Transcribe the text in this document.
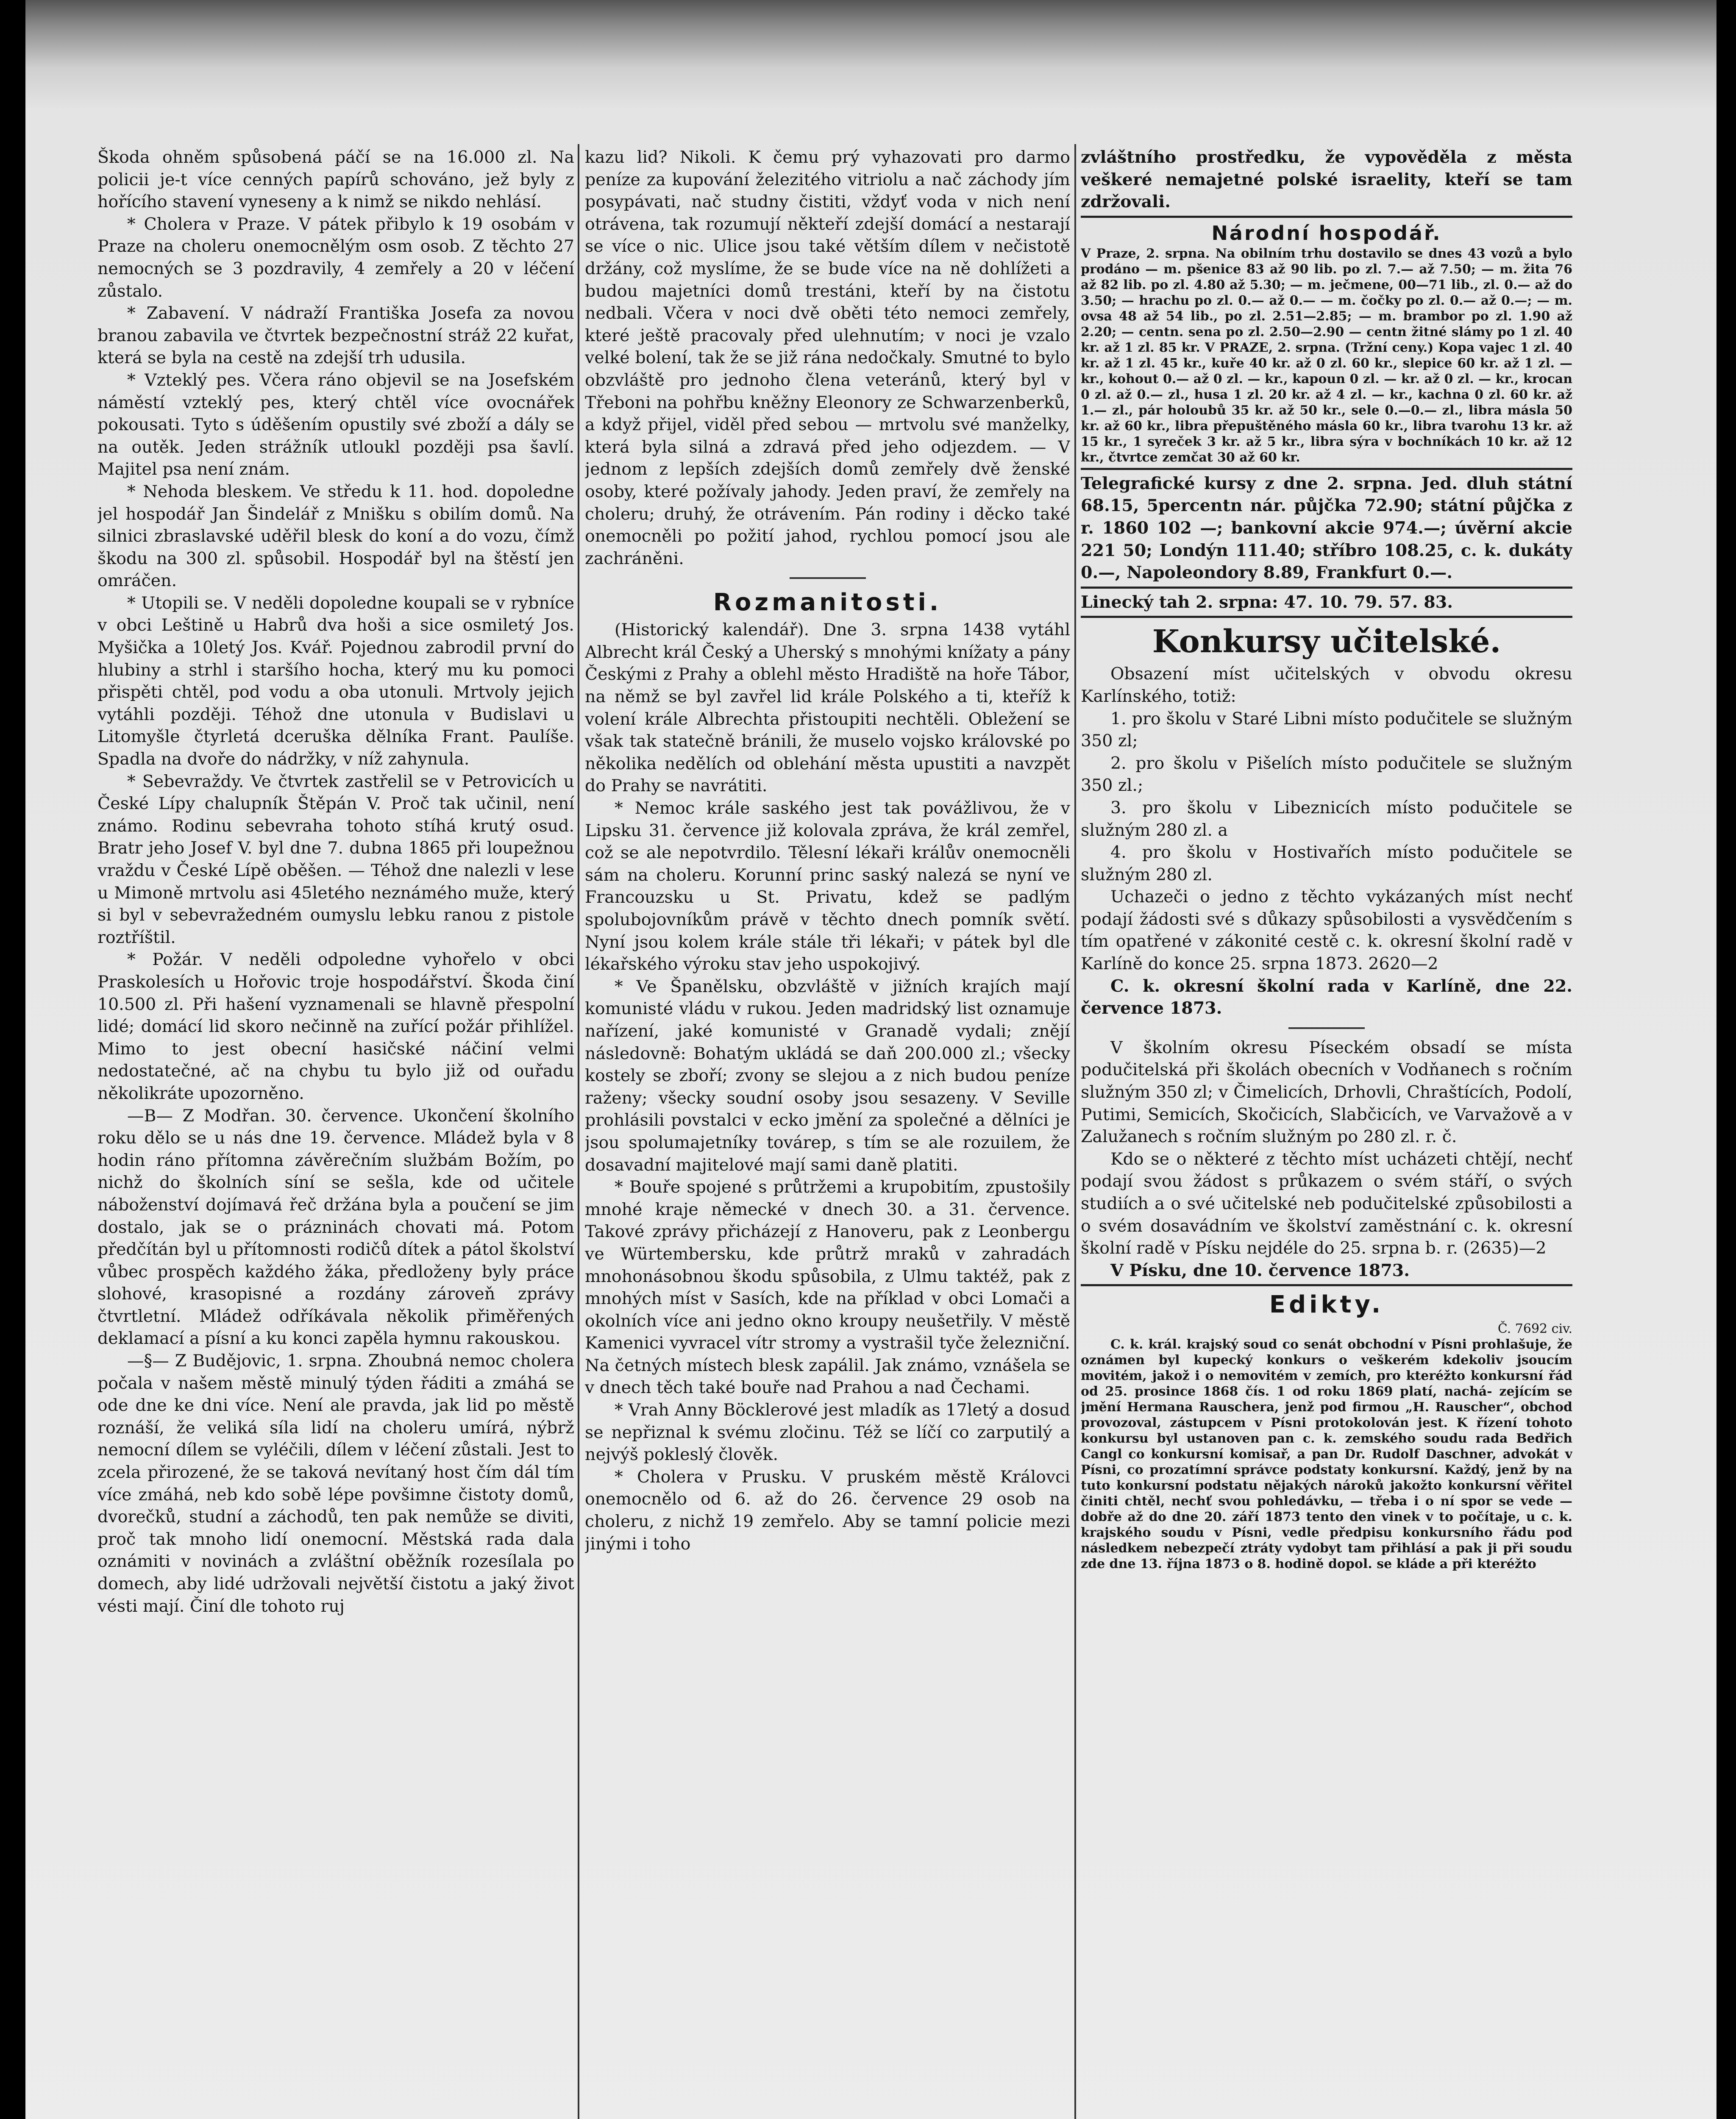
Škoda ohněm spůsobená páčí se na 16.000 zl. Na policii je-t více cenných papírů schováno, jež byly z hořícího stavení vyneseny a k nimž se nikdo nehlásí.

* Cholera v Praze. V pátek přibylo k 19 osobám v Praze na choleru onemocnělým osm osob. Z těchto 27 nemocných se 3 pozdravily, 4 zemřely a 20 v léčení zůstalo.

* Zabavení. V nádraží Františka Josefa za novou branou zabavila ve čtvrtek bezpečnostní stráž 22 kuřat, která se byla na cestě na zdejší trh udusila.

* Vzteklý pes. Včera ráno objevil se na Josefském náměstí vzteklý pes, který chtěl více ovocnářek pokousati. Tyto s úděšením opustily své zboží a dály se na outěk. Jeden strážník utloukl později psa šavlí. Majitel psa není znám.

* Nehoda bleskem. Ve středu k 11. hod. dopoledne jel hospodář Jan Šindelář z Mnišku s obilím domů. Na silnici zbraslavské uděřil blesk do koní a do vozu, čímž škodu na 300 zl. spůsobil. Hospodář byl na štěstí jen omráčen.

* Utopili se. V neděli dopoledne koupali se v rybníce v obci Leštině u Habrů dva hoši a sice osmiletý Jos. Myšička a 10letý Jos. Kvář. Pojednou zabrodil první do hlubiny a strhl i staršího hocha, který mu ku pomoci přispěti chtěl, pod vodu a oba utonuli. Mrtvoly jejich vytáhli později. Téhož dne utonula v Budislavi u Litomyšle čtyrletá dceruška dělníka Frant. Paulíše. Spadla na dvoře do nádržky, v níž zahynula.

* Sebevraždy. Ve čtvrtek zastřelil se v Petrovicích u České Lípy chalupník Štěpán V. Proč tak učinil, není známo. Rodinu sebevraha tohoto stíhá krutý osud. Bratr jeho Josef V. byl dne 7. dubna 1865 při loupežnou vraždu v České Lípě oběšen. — Téhož dne nalezli v lese u Mimoně mrtvolu asi 45letého neznámého muže, který si byl v sebevražedném oumyslu lebku ranou z pistole roztříštil.

* Požár. V neděli odpoledne vyhořelo v obci Praskolesích u Hořovic troje hospodářství. Škoda činí 10.500 zl. Při hašení vyznamenali se hlavně přespolní lidé; domácí lid skoro nečinně na zuřící požár přihlížel. Mimo to jest obecní hasičské náčiní velmi nedostatečné, ač na chybu tu bylo již od ouřadu několikráte upozorněno.

—B— Z Modřan. 30. července. Ukončení školního roku dělo se u nás dne 19. července. Mládež byla v 8 hodin ráno přítomna závěrečním službám Božím, po nichž do školních síní se sešla, kde od učitele náboženství dojímavá řeč držána byla a poučení se jim dostalo, jak se o prázninách chovati má. Potom předčítán byl u přítomnosti rodičů dítek a pátol školství vůbec prospěch každého žáka, předloženy byly práce slohové, krasopisné a rozdány zároveň zprávy čtvrtletní. Mládež odříkávala několik přiměřených deklamací a písní a ku konci zapěla hymnu rakouskou.

—§— Z Budějovic, 1. srpna. Zhoubná nemoc cholera počala v našem městě minulý týden řáditi a zmáhá se ode dne ke dni více. Není ale pravda, jak lid po městě roznáší, že veliká síla lidí na choleru umírá, nýbrž nemocní dílem se vyléčili, dílem v léčení zůstali. Jest to zcela přirozené, že se taková nevítaný host čím dál tím více zmáhá, neb kdo sobě lépe povšimne čistoty domů, dvorečků, studní a záchodů, ten pak nemůže se diviti, proč tak mnoho lidí onemocní. Městská rada dala oznámiti v novinách a zvláštní oběžník rozesílala po domech, aby lidé udržovali největší čistotu a jaký život vésti mají. Činí dle tohoto ruj

kazu lid? Nikoli. K čemu prý vyhazovati pro darmo peníze za kupování železitého vitriolu a nač záchody jím posypávati, nač studny čistiti, vždyť voda v nich není otrávena, tak rozumují někteří zdejší domácí a nestarají se více o nic. Ulice jsou také větším dílem v nečistotě držány, což myslíme, že se bude více na ně dohlížeti a budou majetníci domů trestáni, kteří by na čistotu nedbali. Včera v noci dvě oběti této nemoci zemřely, které ještě pracovaly před ulehnutím; v noci je vzalo velké bolení, tak že se již rána nedočkaly. Smutné to bylo obzvláště pro jednoho člena veteránů, který byl v Třeboni na pohřbu kněžny Eleonory ze Schwarzenberků, a když přijel, viděl před sebou — mrtvolu své manželky, která byla silná a zdravá před jeho odjezdem. — V jednom z lepších zdejších domů zemřely dvě ženské osoby, které požívaly jahody. Jeden praví, že zemřely na choleru; druhý, že otrávením. Pán rodiny i děcko také onemocněli po požití jahod, rychlou pomocí jsou ale zachráněni.

Rozmanitosti.

(Historický kalendář). Dne 3. srpna 1438 vytáhl Albrecht král Český a Uherský s mnohými knížaty a pány Českými z Prahy a oblehl město Hradiště na hoře Tábor, na němž se byl zavřel lid krále Polského a ti, kteříž k volení krále Albrechta přistoupiti nechtěli. Obležení se však tak statečně bránili, že muselo vojsko královské po několika nedělích od oblehání města upustiti a navzpět do Prahy se navrátiti.

* Nemoc krále saského jest tak povážlivou, že v Lipsku 31. července již kolovala zpráva, že král zemřel, což se ale nepotvrdilo. Tělesní lékaři králův onemocněli sám na choleru. Korunní princ saský nalezá se nyní ve Francouzsku u St. Privatu, kdež se padlým spolubojovníkům právě v těchto dnech pomník světí. Nyní jsou kolem krále stále tři lékaři; v pátek byl dle lékařského výroku stav jeho uspokojivý.

* Ve Španělsku, obzvláště v jižních krajích mají komunisté vládu v rukou. Jeden madridský list oznamuje nařízení, jaké komunisté v Granadě vydali; znějí následovně: Bohatým ukládá se daň 200.000 zl.; všecky kostely se zboří; zvony se slejou a z nich budou peníze raženy; všecky soudní osoby jsou sesazeny. V Seville prohlásili povstalci v ecko jmění za společné a dělníci je jsou spolumajetníky továrep, s tím se ale rozuilem, že dosavadní majitelové mají sami daně platiti.

* Bouře spojené s průtržemi a krupobitím, zpustošily mnohé kraje německé v dnech 30. a 31. července. Takové zprávy přicházejí z Hanoveru, pak z Leonbergu ve Würtembersku, kde průtrž mraků v zahradách mnohonásobnou škodu spůsobila, z Ulmu taktéž, pak z mnohých míst v Sasích, kde na příklad v obci Lomači a okolních více ani jedno okno kroupy neušetřily. V městě Kamenici vyvracel vítr stromy a vystrašil tyče železniční. Na četných místech blesk zapálil. Jak známo, vznášela se v dnech těch také bouře nad Prahou a nad Čechami.

* Vrah Anny Böcklerové jest mladík as 17letý a dosud se nepřiznal k svému zločinu. Též se líčí co zarputilý a nejvýš pokleslý člověk.

* Cholera v Prusku. V pruském městě Královci onemocnělo od 6. až do 26. července 29 osob na choleru, z nichž 19 zemřelo. Aby se tamní policie mezi jinými i toho

zvláštního prostředku, že vypověděla z města veškeré nemajetné polské israelity, kteří se tam zdržovali.

Národní hospodář.

V Praze, 2. srpna. Na obilním trhu dostavilo se dnes 43 vozů a bylo prodáno — m. pšenice 83 až 90 lib. po zl. 7.— až 7.50; — m. žita 76 až 82 lib. po zl. 4.80 až 5.30; — m. ječmene, 00—71 lib., zl. 0.— až do 3.50; — hrachu po zl. 0.— až 0.— — m. čočky po zl. 0.— až 0.—; — m. ovsa 48 až 54 lib., po zl. 2.51—2.85; — m. brambor po zl. 1.90 až 2.20; — centn. sena po zl. 2.50—2.90 — centn žitné slámy po 1 zl. 40 kr. až 1 zl. 85 kr. V PRAZE, 2. srpna. (Tržní ceny.) Kopa vajec 1 zl. 40 kr. až 1 zl. 45 kr., kuře 40 kr. až 0 zl. 60 kr., slepice 60 kr. až 1 zl. — kr., kohout 0.— až 0 zl. — kr., kapoun 0 zl. — kr. až 0 zl. — kr., krocan 0 zl. až 0.— zl., husa 1 zl. 20 kr. až 4 zl. — kr., kachna 0 zl. 60 kr. až 1.— zl., pár holoubů 35 kr. až 50 kr., sele 0.—0.— zl., libra másla 50 kr. až 60 kr., libra přepuštěného másla 60 kr., libra tvarohu 13 kr. až 15 kr., 1 syreček 3 kr. až 5 kr., libra sýra v bochníkách 10 kr. až 12 kr., čtvrtce zemčat 30 až 60 kr.

Telegrafické kursy z dne 2. srpna. Jed. dluh státní 68.15, 5percentn nár. půjčka 72.90; státní půjčka z r. 1860 102 —; bankovní akcie 974.—; úvěrní akcie 221 50; Londýn 111.40; stříbro 108.25, c. k. dukáty 0.—, Napoleondory 8.89, Frankfurt 0.—.

Linecký tah 2. srpna: 47. 10. 79. 57. 83.

Konkursy učitelské.

Obsazení míst učitelských v obvodu okresu Karlínského, totiž:

1. pro školu v Staré Libni místo podučitele se služným 350 zl;

2. pro školu v Pišelích místo podučitele se služným 350 zl.;

3. pro školu v Libeznicích místo podučitele se služným 280 zl. a

4. pro školu v Hostivařích místo podučitele se služným 280 zl.

Uchazeči o jedno z těchto vykázaných míst nechť podají žádosti své s důkazy spůsobilosti a vysvědčením s tím opatřené v zákonité cestě c. k. okresní školní radě v Karlíně do konce 25. srpna 1873. 2620—2

C. k. okresní školní rada v Karlíně, dne 22. července 1873.

V školním okresu Píseckém obsadí se místa podučitelská při školách obecních v Vodňanech s ročním služným 350 zl; v Čimelicích, Drhovli, Chraštících, Podolí, Putimi, Semicích, Skočicích, Slabčicích, ve Varvažově a v Zalužanech s ročním služným po 280 zl. r. č.

Kdo se o některé z těchto míst ucházeti chtějí, nechť podají svou žádost s průkazem o svém stáří, o svých studiích a o své učitelské neb podučitelské způsobilosti a o svém dosavádním ve školství zaměstnání c. k. okresní školní radě v Písku nejdéle do 25. srpna b. r. (2635)—2

V Písku, dne 10. července 1873.

Edikty.

Č. 7692 civ.

C. k. král. krajský soud co senát obchodní v Písni prohlašuje, že oznámen byl kupecký konkurs o veškerém kdekoliv jsoucím movitém, jakož i o nemovitém v zemích, pro kteréžto konkursní řád od 25. prosince 1868 čís. 1 od roku 1869 platí, nachá- zejícím se jmění Hermana Rauschera, jenž pod firmou „H. Rauscher“, obchod provozoval, zástupcem v Písni protokolován jest. K řízení tohoto konkursu byl ustanoven pan c. k. zemského soudu rada Bedřich Cangl co konkursní komisař, a pan Dr. Rudolf Daschner, advokát v Písni, co prozatímní správce podstaty konkursní. Každý, jenž by na tuto konkursní podstatu nějakých nároků jakožto konkursní věřitel činiti chtěl, nechť svou pohledávku, — třeba i o ní spor se vede — dobře až do dne 20. září 1873 tento den vinek v to počítaje, u c. k. krajského soudu v Písni, vedle předpisu konkursního řádu pod následkem nebezpečí ztráty vydobyt tam přihlásí a pak ji při soudu zde dne 13. října 1873 o 8. hodině dopol. se kláde a při kteréžto
